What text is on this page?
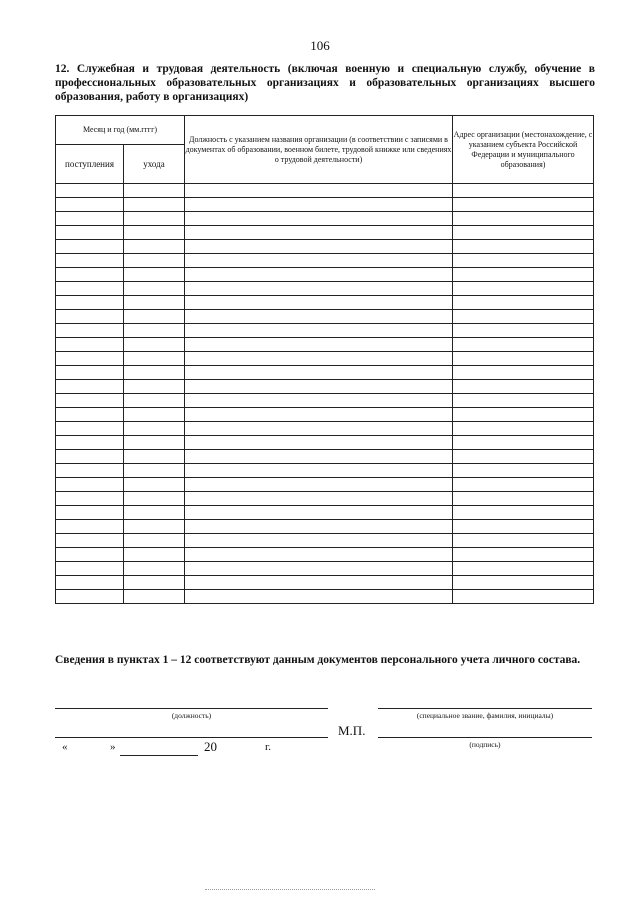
106
12. Служебная и трудовая деятельность (включая военную и специальную службу, обучение в профессиональных образовательных организациях и образовательных организациях высшего образования, работу в организациях)
Месяц и год (мм.гггг)		Должность с указанием названия организации (в соответствии с записями в документах об образовании, военном билете, трудовой книжке или сведениях о трудовой деятельности)	Адрес организации (местонахождение, с указанием субъекта Российской Федерации и муниципального образования)
поступления	ухода		

Сведения в пунктах 1 – 12 соответствуют данным документов персонального учета личного состава.
(должность)	(специальное звание, фамилия, инициалы)
М.П.
(подпись)
«	»	20	г.
